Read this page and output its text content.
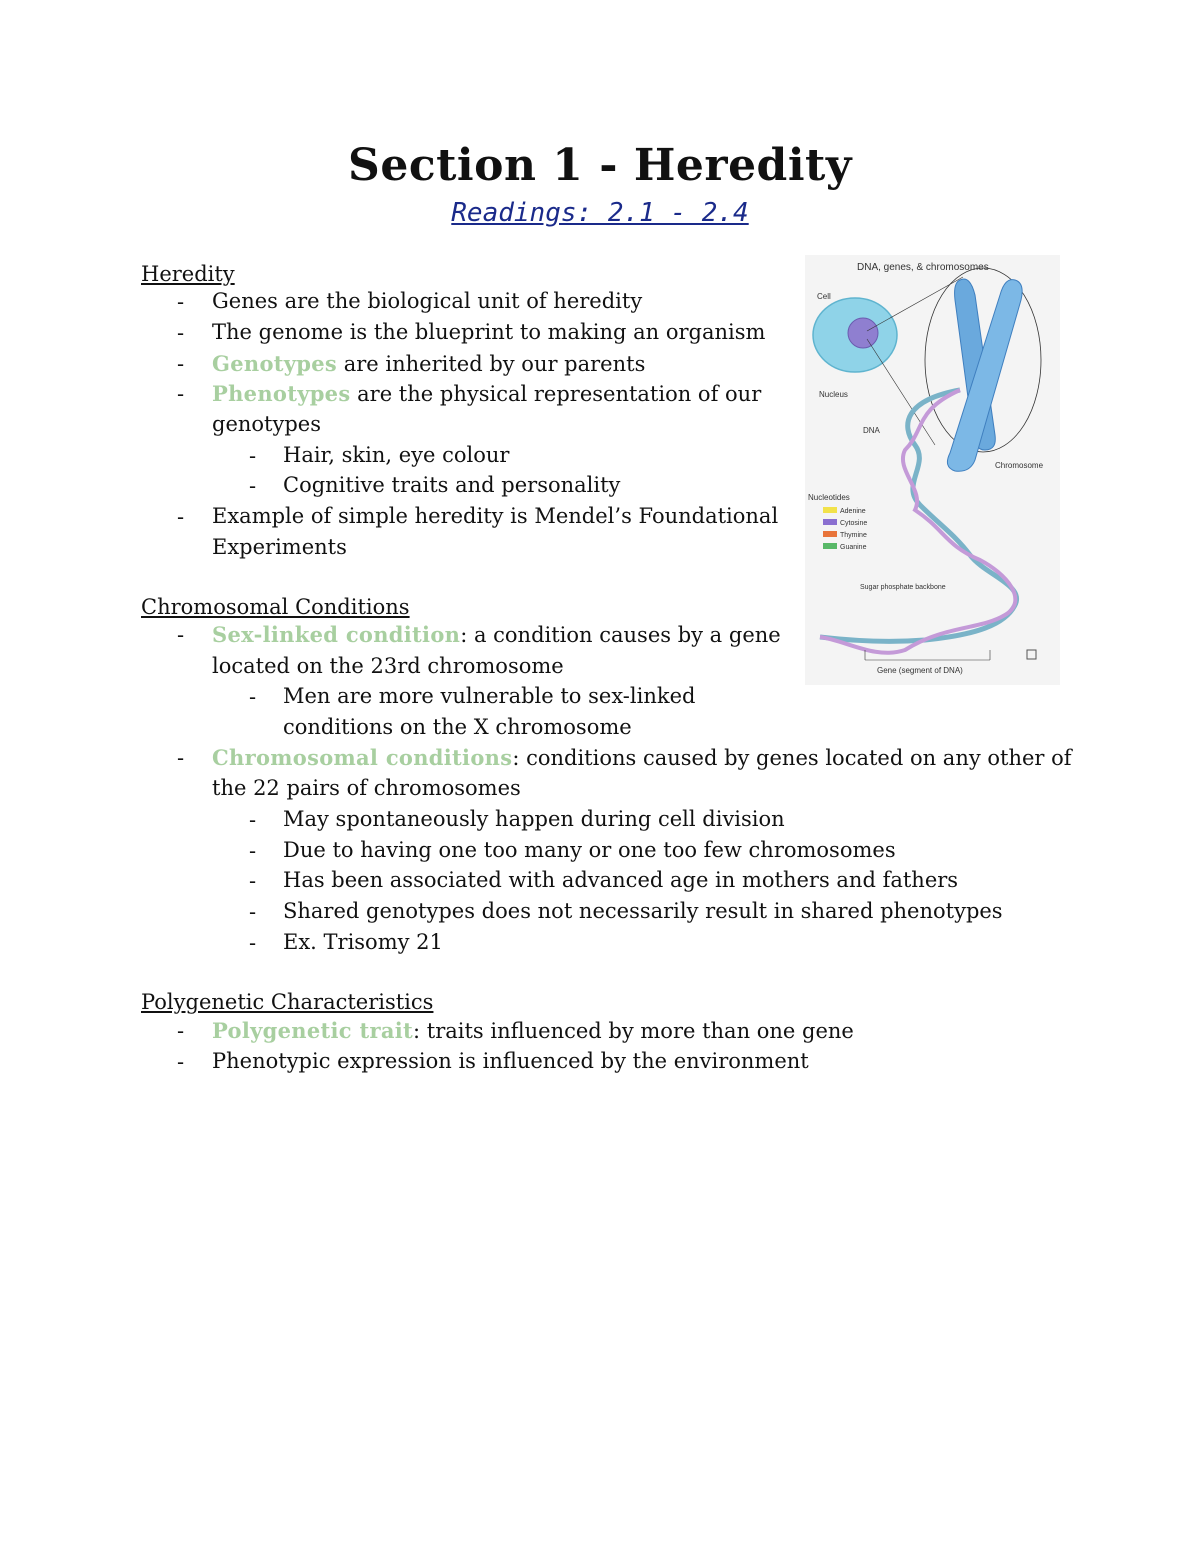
Section 1 - Heredity
Readings: 2.1 - 2.4
Heredity
- Genes are the biological unit of heredity
- The genome is the blueprint to making an organism
- Genotypes are inherited by our parents
- Phenotypes are the physical representation of our
genotypes
- Hair, skin, eye colour
- Cognitive traits and personality
- Example of simple heredity is Mendel’s Foundational
Experiments
Chromosomal Conditions
- Sex-linked condition: a condition causes by a gene
located on the 23rd chromosome
- Men are more vulnerable to sex-linked
conditions on the X chromosome
- Chromosomal conditions: conditions caused by genes located on any other of
the 22 pairs of chromosomes
- May spontaneously happen during cell division
- Due to having one too many or one too few chromosomes
- Has been associated with advanced age in mothers and fathers
- Shared genotypes does not necessarily result in shared phenotypes
- Ex. Trisomy 21
Polygenetic Characteristics
- Polygenetic trait: traits influenced by more than one gene
- Phenotypic expression is influenced by the environment
DNA, genes, & chromosomes
Cell
Nucleus
Chromosome
DNA
Nucleotides
Adenine
Cytosine
Thymine
Guanine
Sugar phosphate backbone
Gene (segment of DNA)
